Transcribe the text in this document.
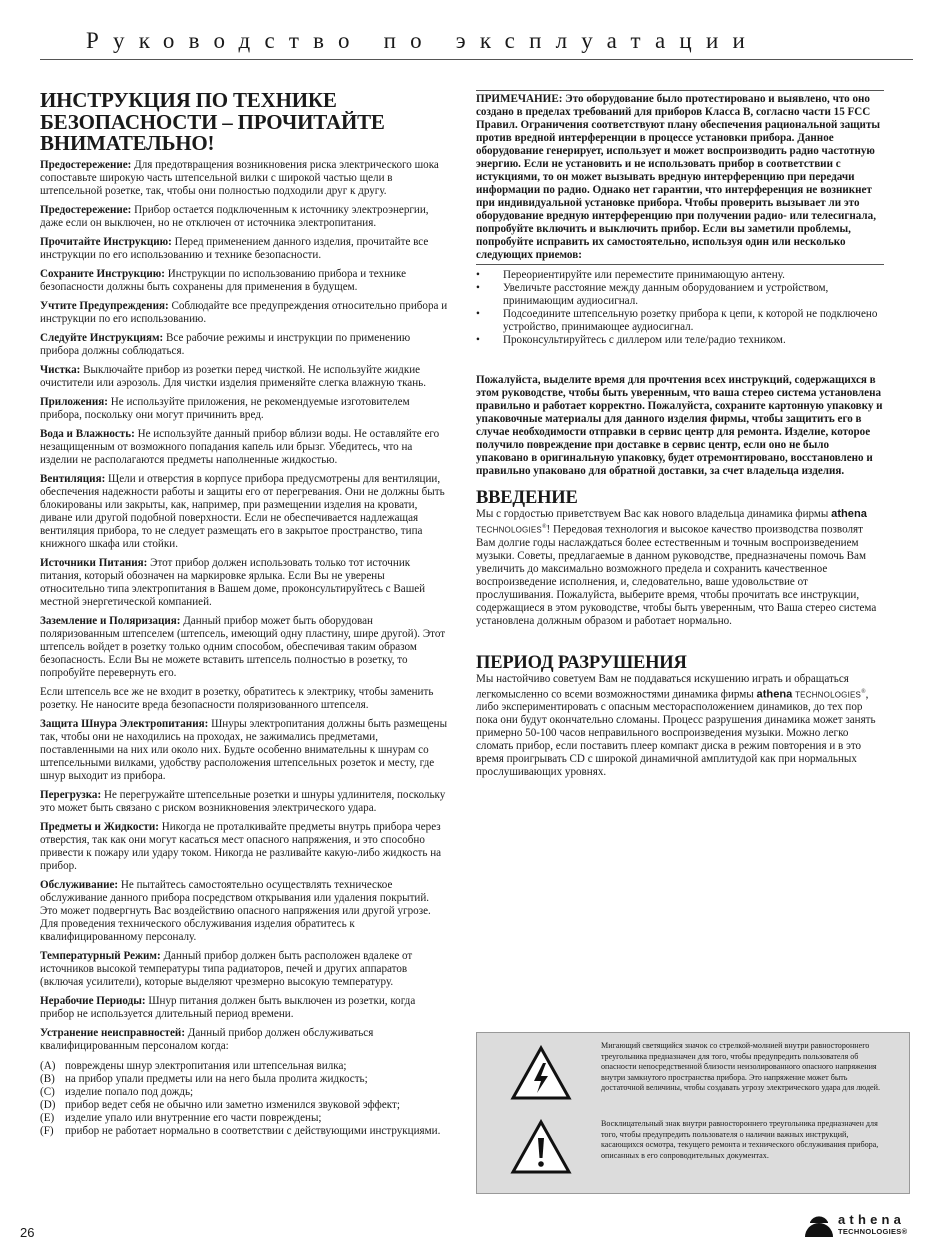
Руководство по эксплуатации
ИНСТРУКЦИЯ ПО ТЕХНИКЕ БЕЗОПАСНОСТИ – ПРОЧИТАЙТЕ ВНИМАТЕЛЬНО!

Предостережение: Для предотвращения возникновения риска электрического шока сопоставьте широкую часть штепсельной вилки с широкой частью щели в штепсельной розетке, так, чтобы они полностью подходили друг к другу.

Предостережение: Прибор остается подключенным к источнику электроэнергии, даже если он выключен, но не отключен от источника электропитания.

Прочитайте Инструкцию: Перед применением данного изделия, прочитайте все инструкции по его использованию и технике безопасности.

Сохраните Инструкцию: Инструкции по использованию прибора и технике безопасности должны быть сохранены для применения в будущем.

Учтите Предупреждения: Соблюдайте все предупреждения относительно прибора и инструкции по его использованию.

Следуйте Инструкциям: Все рабочие режимы и инструкции по применению прибора должны соблюдаться.

Чистка: Выключайте прибор из розетки перед чисткой. Не используйте жидкие очистители или аэрозоль. Для чистки изделия применяйте слегка влажную ткань.

Приложения: Не используйте приложения, не рекомендуемые изготовителем прибора, поскольку они могут причинить вред.

Вода и Влажность: Не используйте данный прибор вблизи воды. Не оставляйте его незащищенным от возможного попадания капель или брызг. Убедитесь, что на изделии не располагаются предметы наполненные жидкостью.

Вентиляция: Щели и отверстия в корпусе прибора предусмотрены для вентиляции, обеспечения надежности работы и защиты его от перегревания. Они не должны быть блокированы или закрыты, как, например, при размещении изделия на кровати, диване или другой подобной поверхности. Если не обеспечивается надлежащая вентиляция прибора, то не следует размещать его в закрытое пространство, типа книжного шкафа или стойки.

Источники Питания: Этот прибор должен использовать только тот источник питания, который обозначен на маркировке ярлыка. Если Вы не уверены относительно типа электропитания в Вашем доме, проконсультируйтесь с Вашей местной энергетической компанией.

Заземление и Поляризация: Данный прибор может быть оборудован поляризованным штепселем (штепсель, имеющий одну пластину, шире другой). Этот штепсель войдет в розетку только одним способом, обеспечивая таким образом безопасность. Если Вы не можете вставить штепсель полностью в розетку, то попробуйте перевернуть его.

Если штепсель все же не входит в розетку, обратитесь к электрику, чтобы заменить розетку. Не наносите вреда безопасности поляризованного штепселя.

Защита Шнура Электропитания: Шнуры электропитания должны быть размещены так, чтобы они не находились на проходах, не зажимались предметами, поставленными на них или около них. Будьте особенно внимательны к шнурам со штепсельными вилками, удобству расположения штепсельных розеток и месту, где шнур выходит из прибора.

Перегрузка: Не перегружайте штепсельные розетки и шнуры удлинителя, поскольку это может быть связано с риском возникновения электрического удара.

Предметы и Жидкости: Никогда не проталкивайте предметы внутрь прибора через отверстия, так как они могут касаться мест опасного напряжения, и это способно привести к пожару или удару током. Никогда не разливайте какую-либо жидкость на прибор.

Обслуживание: Не пытайтесь самостоятельно осуществлять техническое обслуживание данного прибора посредством открывания или удаления покрытий. Это может подвергнуть Вас воздействию опасного напряжения или другой угрозе. Для проведения технического обслуживания изделия обратитесь к квалифицированному персоналу.

Температурный Режим: Данный прибор должен быть расположен вдалеке от источников высокой температуры типа радиаторов, печей и других аппаратов (включая усилители), которые выделяют чрезмерно высокую температуру.

Нерабочие Периоды: Шнур питания должен быть выключен из розетки, когда прибор не используется длительный период времени.

Устранение неисправностей: Данный прибор должен обслуживаться квалифицированным персоналом когда:

(A) повреждены шнур электропитания или штепсельная вилка;
(B) на прибор упали предметы или на него была пролита жидкость;
(C) изделие попало под дождь;
(D) прибор ведет себя не обычно или заметно изменился звуковой эффект;
(E) изделие упало или внутренние его части повреждены;
(F)	прибор не работает нормально в соответствии с действующими инструкциями.

ПРИМЕЧАНИЕ: Это оборудование было протестировано и выявлено, что оно создано в пределах требований для приборов Класса B, согласно части 15 FCC Правил. Ограничения соответствуют плану обеспечения рациональной защиты против вредной интерференции в процессе установки прибора. Данное оборудование генерирует, использует и может воспроизводить радио частотную энергию. Если не установить и не использовать прибор в соответствии с истукциями, то он может вызывать вредную интерференцию при передачи информации по радио. Однако нет гарантии, что интерференция не возникнет при индивидуальной установке прибора. Чтобы проверить вызывает ли это оборудование вредную интерференцию при получении радио- или телесигнала, попробуйте включить и выключить прибор. Если вы заметили проблемы, попробуйте исправить их самостоятельно, используя один или несколько следующих приемов:

•	Переориентируйте или переместите принимающую антену.
•	Увеличьте расстояние между данным оборудованием и устройством, принимающим аудиосигнал.
•	Подсоедините штепсельную розетку прибора к цепи, к которой не подключено устройство, принимающее аудиосигнал.
•	Проконсультируйтесь с диллером или теле/радио техником.

Пожалуйста, выделите время для прочтения всех инструкций, содержащихся в этом руководстве, чтобы быть уверенным, что ваша стерео система установлена правильно и работает корректно. Пожалуйста, сохраните картонную упаковку и упаковочные материалы для данного изделия фирмы, чтобы защитить его в случае необходимости отправки в сервис центр для ремонта. Изделие, которое получило повреждение при доставке в сервис центр, если оно не было упаковано в оригинальную упаковку, будет отремонтировано, восстановлено и правильно упаковано для обратной доставки, за счет владельца изделия.

ВВЕДЕНИЕ

Мы с гордостью приветствуем Вас как нового владельца динамика фирмы athena TECHNOLOGIES®! Передовая технология и высокое качество производства позволят Вам долгие годы наслаждаться более естественным и точным воспроизведением музыки. Советы, предлагаемые в данном руководстве, предназначены помочь Вам увеличить до максимально возможного предела и сохранить качественное воспроизведение исполнения, и, следовательно, ваше удовольствие от прослушивания. Пожалуйста, выберите время, чтобы прочитать все инструкции, содержащиеся в этом руководстве, чтобы быть уверенным, что Ваша стерео система установлена должным образом и работает нормально.

ПЕРИОД РАЗРУШЕНИЯ

Мы настойчиво советуем Вам не поддаваться искушению играть и обращаться легкомысленно со всеми возможностями динамика фирмы athena TECHNOLOGIES®, либо экспериментировать с опасным месторасположением динамиков, до тех пор пока они будут окончательно сломаны. Процесс разрушения динамика может занять примерно 50-100 часов неправильного воспроизведения музыки. Можно легко сломать прибор, если поставить плеер компакт диска в режим повторения и в это время проигрывать CD с широкой динамичной амплитудой как при нормальных прослушивающих уровнях.

Мигающий светящийся значок со стрелкой-молнией внутри равностороннего треугольника предназначен для того, чтобы предупредить пользователя об опасности непосредственной близости неизолированного опасного напряжения внутри замкнутого пространства прибора. Это напряжение может быть достаточной величины, чтобы создавать угрозу электрического удара для людей.

Восклицательный знак внутри равностороннего треугольника предназначен для того, чтобы предупредить пользователя о наличии важных инструкций, касающихся осмотра, текущего ремонта и технического обслуживания прибора, описанных в его сопроводительных документах.

26
athena
TECHNOLOGIES®
